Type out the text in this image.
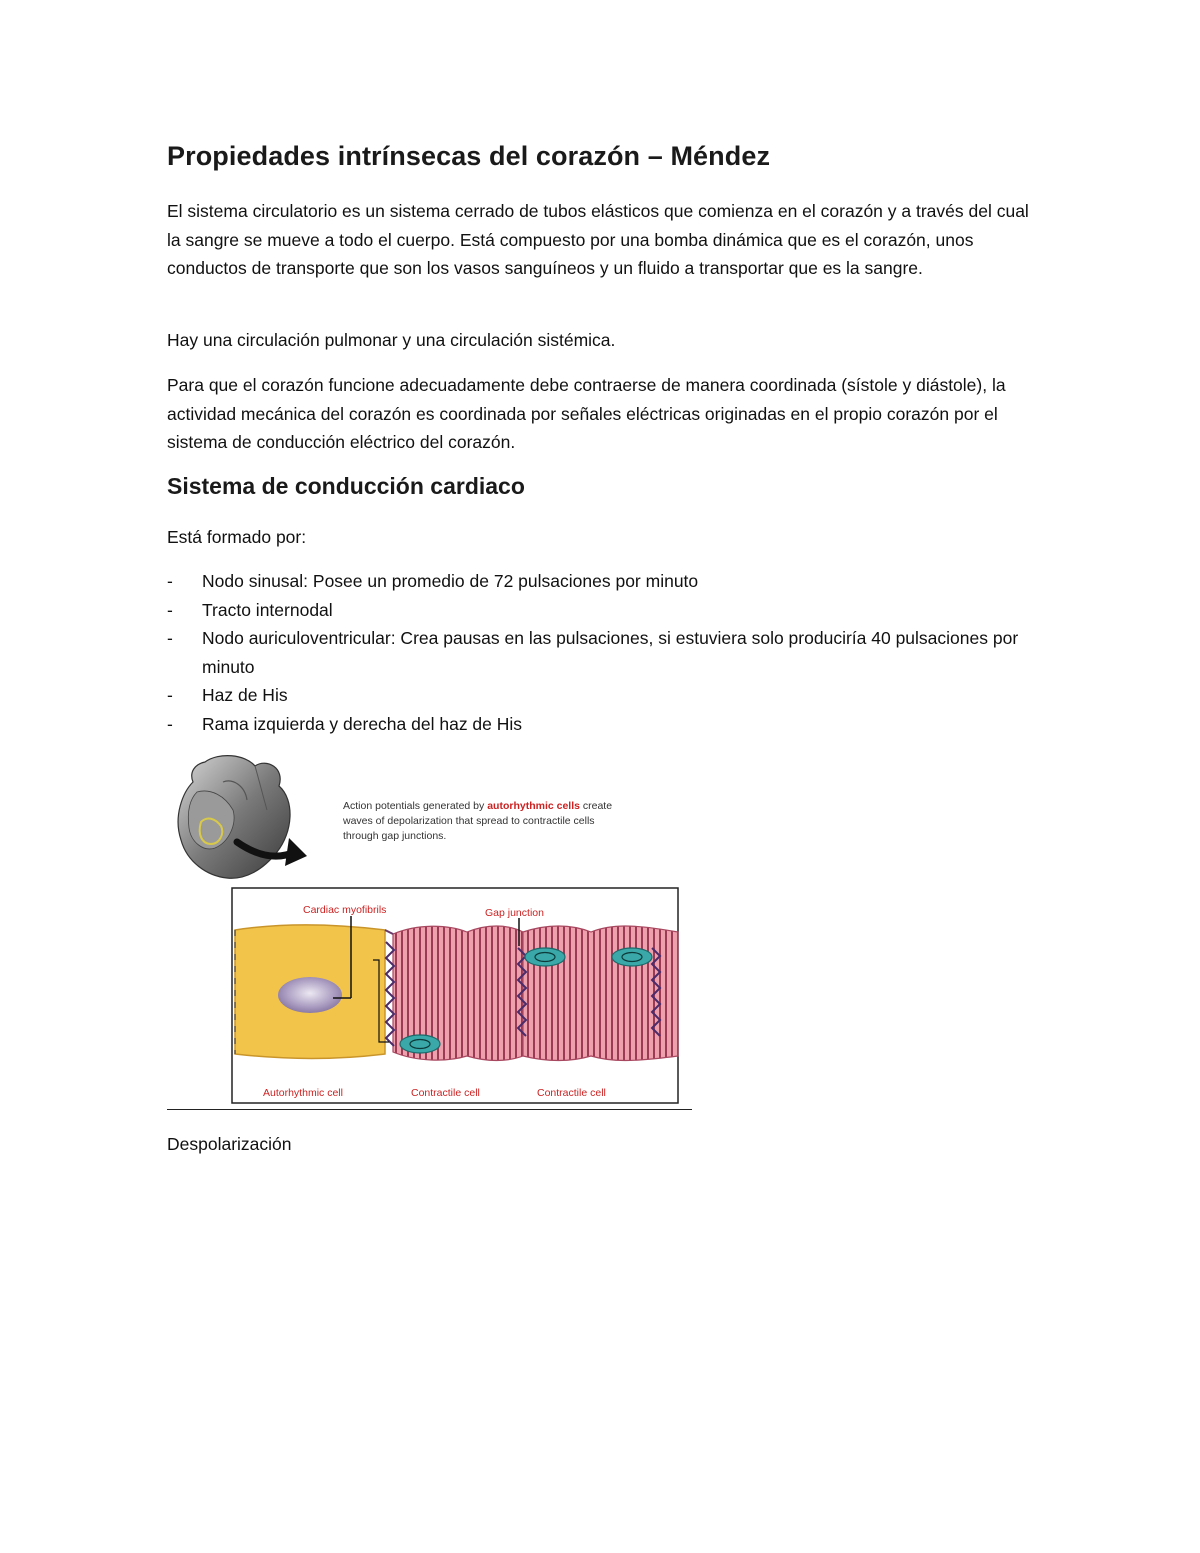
Propiedades intrínsecas del corazón – Méndez

El sistema circulatorio es un sistema cerrado de tubos elásticos que comienza en el corazón y a través del cual la sangre se mueve a todo el cuerpo. Está compuesto por una bomba dinámica que es el corazón, unos conductos de transporte que son los vasos sanguíneos y un fluido a transportar que es la sangre.

Hay una circulación pulmonar y una circulación sistémica.

Para que el corazón funcione adecuadamente debe contraerse de manera coordinada (sístole y diástole), la actividad mecánica del corazón es coordinada por señales eléctricas originadas en el propio corazón por el sistema de conducción eléctrico del corazón.

Sistema de conducción cardiaco

Está formado por:

- Nodo sinusal: Posee un promedio de 72 pulsaciones por minuto
- Tracto internodal
- Nodo auriculoventricular: Crea pausas en las pulsaciones, si estuviera solo produciría 40 pulsaciones por minuto
- Haz de His
- Rama izquierda y derecha del haz de His
Action potentials generated by autorhythmic cells create
waves of depolarization that spread to contractile cells
through gap junctions.
Cardiac myofibrils	Gap junction
Autorhythmic cell	Contractile cell	Contractile cell

Despolarización
